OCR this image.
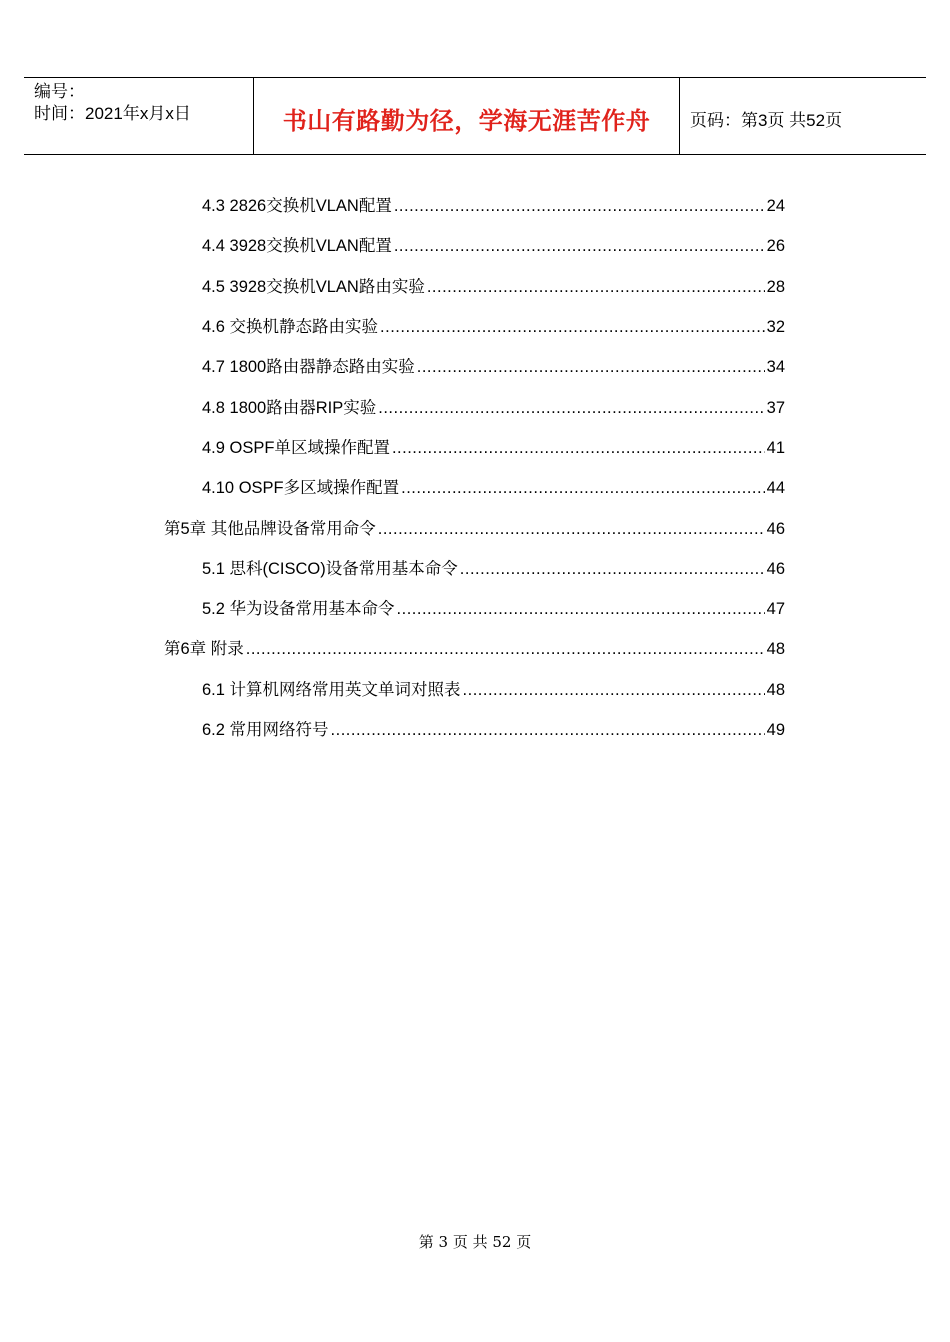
编号：
时间：2021年x月x日	书山有路勤为径，学海无涯苦作舟	页码：第3页 共52页
4.3 2826交换机VLAN配置 .....	24
4.4 3928交换机VLAN配置 .....	26
4.5 3928交换机VLAN路由实验 .....	28
4.6 交换机静态路由实验 .....	32
4.7 1800路由器静态路由实验 .....	34
4.8 1800路由器RIP实验 .....	37
4.9 OSPF单区域操作配置 .....	41
4.10 OSPF多区域操作配置 .....	44
第5章 其他品牌设备常用命令 .....	46
5.1 思科(CISCO)设备常用基本命令 .....	46
5.2 华为设备常用基本命令 .....	47
第6章 附录 .....	48
6.1 计算机网络常用英文单词对照表 .....	48
6.2 常用网络符号 .....	49
第 3 页 共 52 页
